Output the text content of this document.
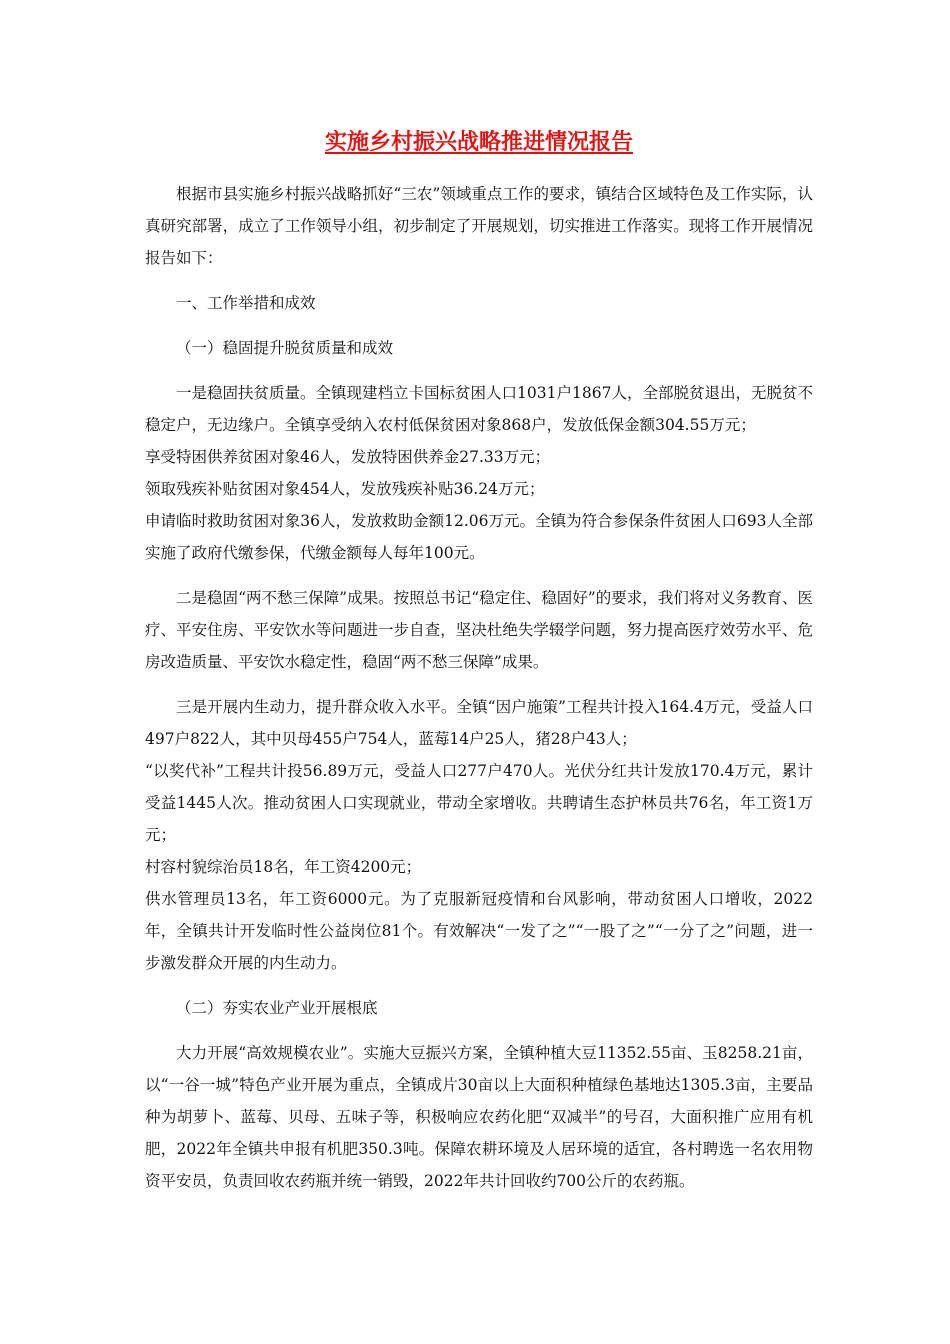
实施乡村振兴战略推进情况报告

根据市县实施乡村振兴战略抓好“三农”领域重点工作的要求，镇结合区域特色及工作实际，认真研究部署，成立了工作领导小组，初步制定了开展规划，切实推进工作落实。现将工作开展情况报告如下：

一、工作举措和成效

（一）稳固提升脱贫质量和成效

一是稳固扶贫质量。全镇现建档立卡国标贫困人口1031户1867人，全部脱贫退出，无脱贫不稳定户，无边缘户。全镇享受纳入农村低保贫困对象868户，发放低保金额304.55万元；

享受特困供养贫困对象46人，发放特困供养金27.33万元；

领取残疾补贴贫困对象454人，发放残疾补贴36.24万元；

申请临时救助贫困对象36人，发放救助金额12.06万元。全镇为符合参保条件贫困人口693人全部实施了政府代缴参保，代缴金额每人每年100元。

二是稳固“两不愁三保障”成果。按照总书记“稳定住、稳固好”的要求，我们将对义务教育、医疗、平安住房、平安饮水等问题进一步自查，坚决杜绝失学辍学问题，努力提高医疗效劳水平、危房改造质量、平安饮水稳定性，稳固“两不愁三保障”成果。

三是开展内生动力，提升群众收入水平。全镇“因户施策”工程共计投入164.4万元，受益人口497户822人，其中贝母455户754人，蓝莓14户25人，猪28户43人；

“以奖代补”工程共计投56.89万元，受益人口277户470人。光伏分红共计发放170.4万元，累计受益1445人次。推动贫困人口实现就业，带动全家增收。共聘请生态护林员共76名，年工资1万元；

村容村貌综治员18名，年工资4200元；

供水管理员13名，年工资6000元。为了克服新冠疫情和台风影响，带动贫困人口增收，2022年，全镇共计开发临时性公益岗位81个。有效解决“一发了之”“一股了之”“一分了之”问题，进一步激发群众开展的内生动力。

（二）夯实农业产业开展根底

大力开展“高效规模农业”。实施大豆振兴方案，全镇种植大豆11352.55亩、玉8258.21亩，以“一谷一城”特色产业开展为重点，全镇成片30亩以上大面积种植绿色基地达1305.3亩，主要品种为胡萝卜、蓝莓、贝母、五味子等，积极响应农药化肥“双减半”的号召，大面积推广应用有机肥，2022年全镇共申报有机肥350.3吨。保障农耕环境及人居环境的适宜，各村聘选一名农用物资平安员，负责回收农药瓶并统一销毁，2022年共计回收约700公斤的农药瓶。
